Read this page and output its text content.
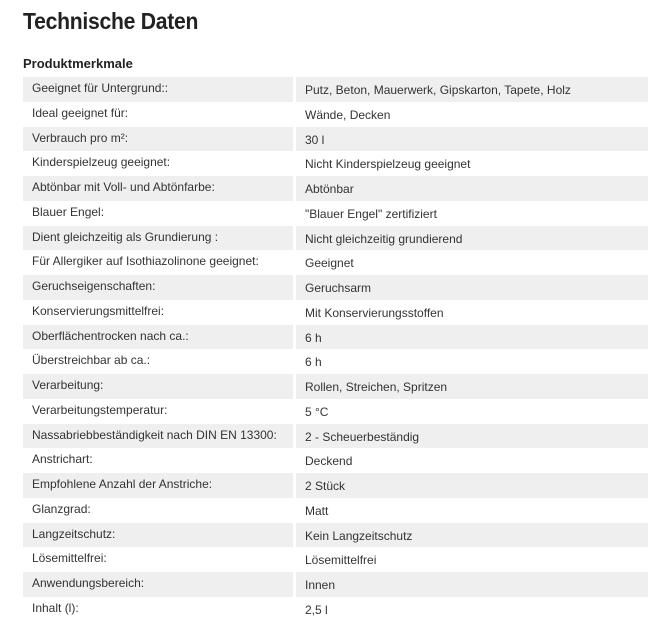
Technische Daten
Produktmerkmale
Geeignet für Untergrund::	Putz, Beton, Mauerwerk, Gipskarton, Tapete, Holz
Ideal geeignet für:	Wände, Decken
Verbrauch pro m²:	30 l
Kinderspielzeug geeignet:	Nicht Kinderspielzeug geeignet
Abtönbar mit Voll- und Abtönfarbe:	Abtönbar
Blauer Engel:	"Blauer Engel" zertifiziert
Dient gleichzeitig als Grundierung :	Nicht gleichzeitig grundierend
Für Allergiker auf Isothiazolinone geeignet:	Geeignet
Geruchseigenschaften:	Geruchsarm
Konservierungsmittelfrei:	Mit Konservierungsstoffen
Oberflächentrocken nach ca.:	6 h
Überstreichbar ab ca.:	6 h
Verarbeitung:	Rollen, Streichen, Spritzen
Verarbeitungstemperatur:	5 °C
Nassabriebbeständigkeit nach DIN EN 13300:	2 - Scheuerbeständig
Anstrichart:	Deckend
Empfohlene Anzahl der Anstriche:	2 Stück
Glanzgrad:	Matt
Langzeitschutz:	Kein Langzeitschutz
Lösemittelfrei:	Lösemittelfrei
Anwendungsbereich:	Innen
Inhalt (l):	2,5 l
